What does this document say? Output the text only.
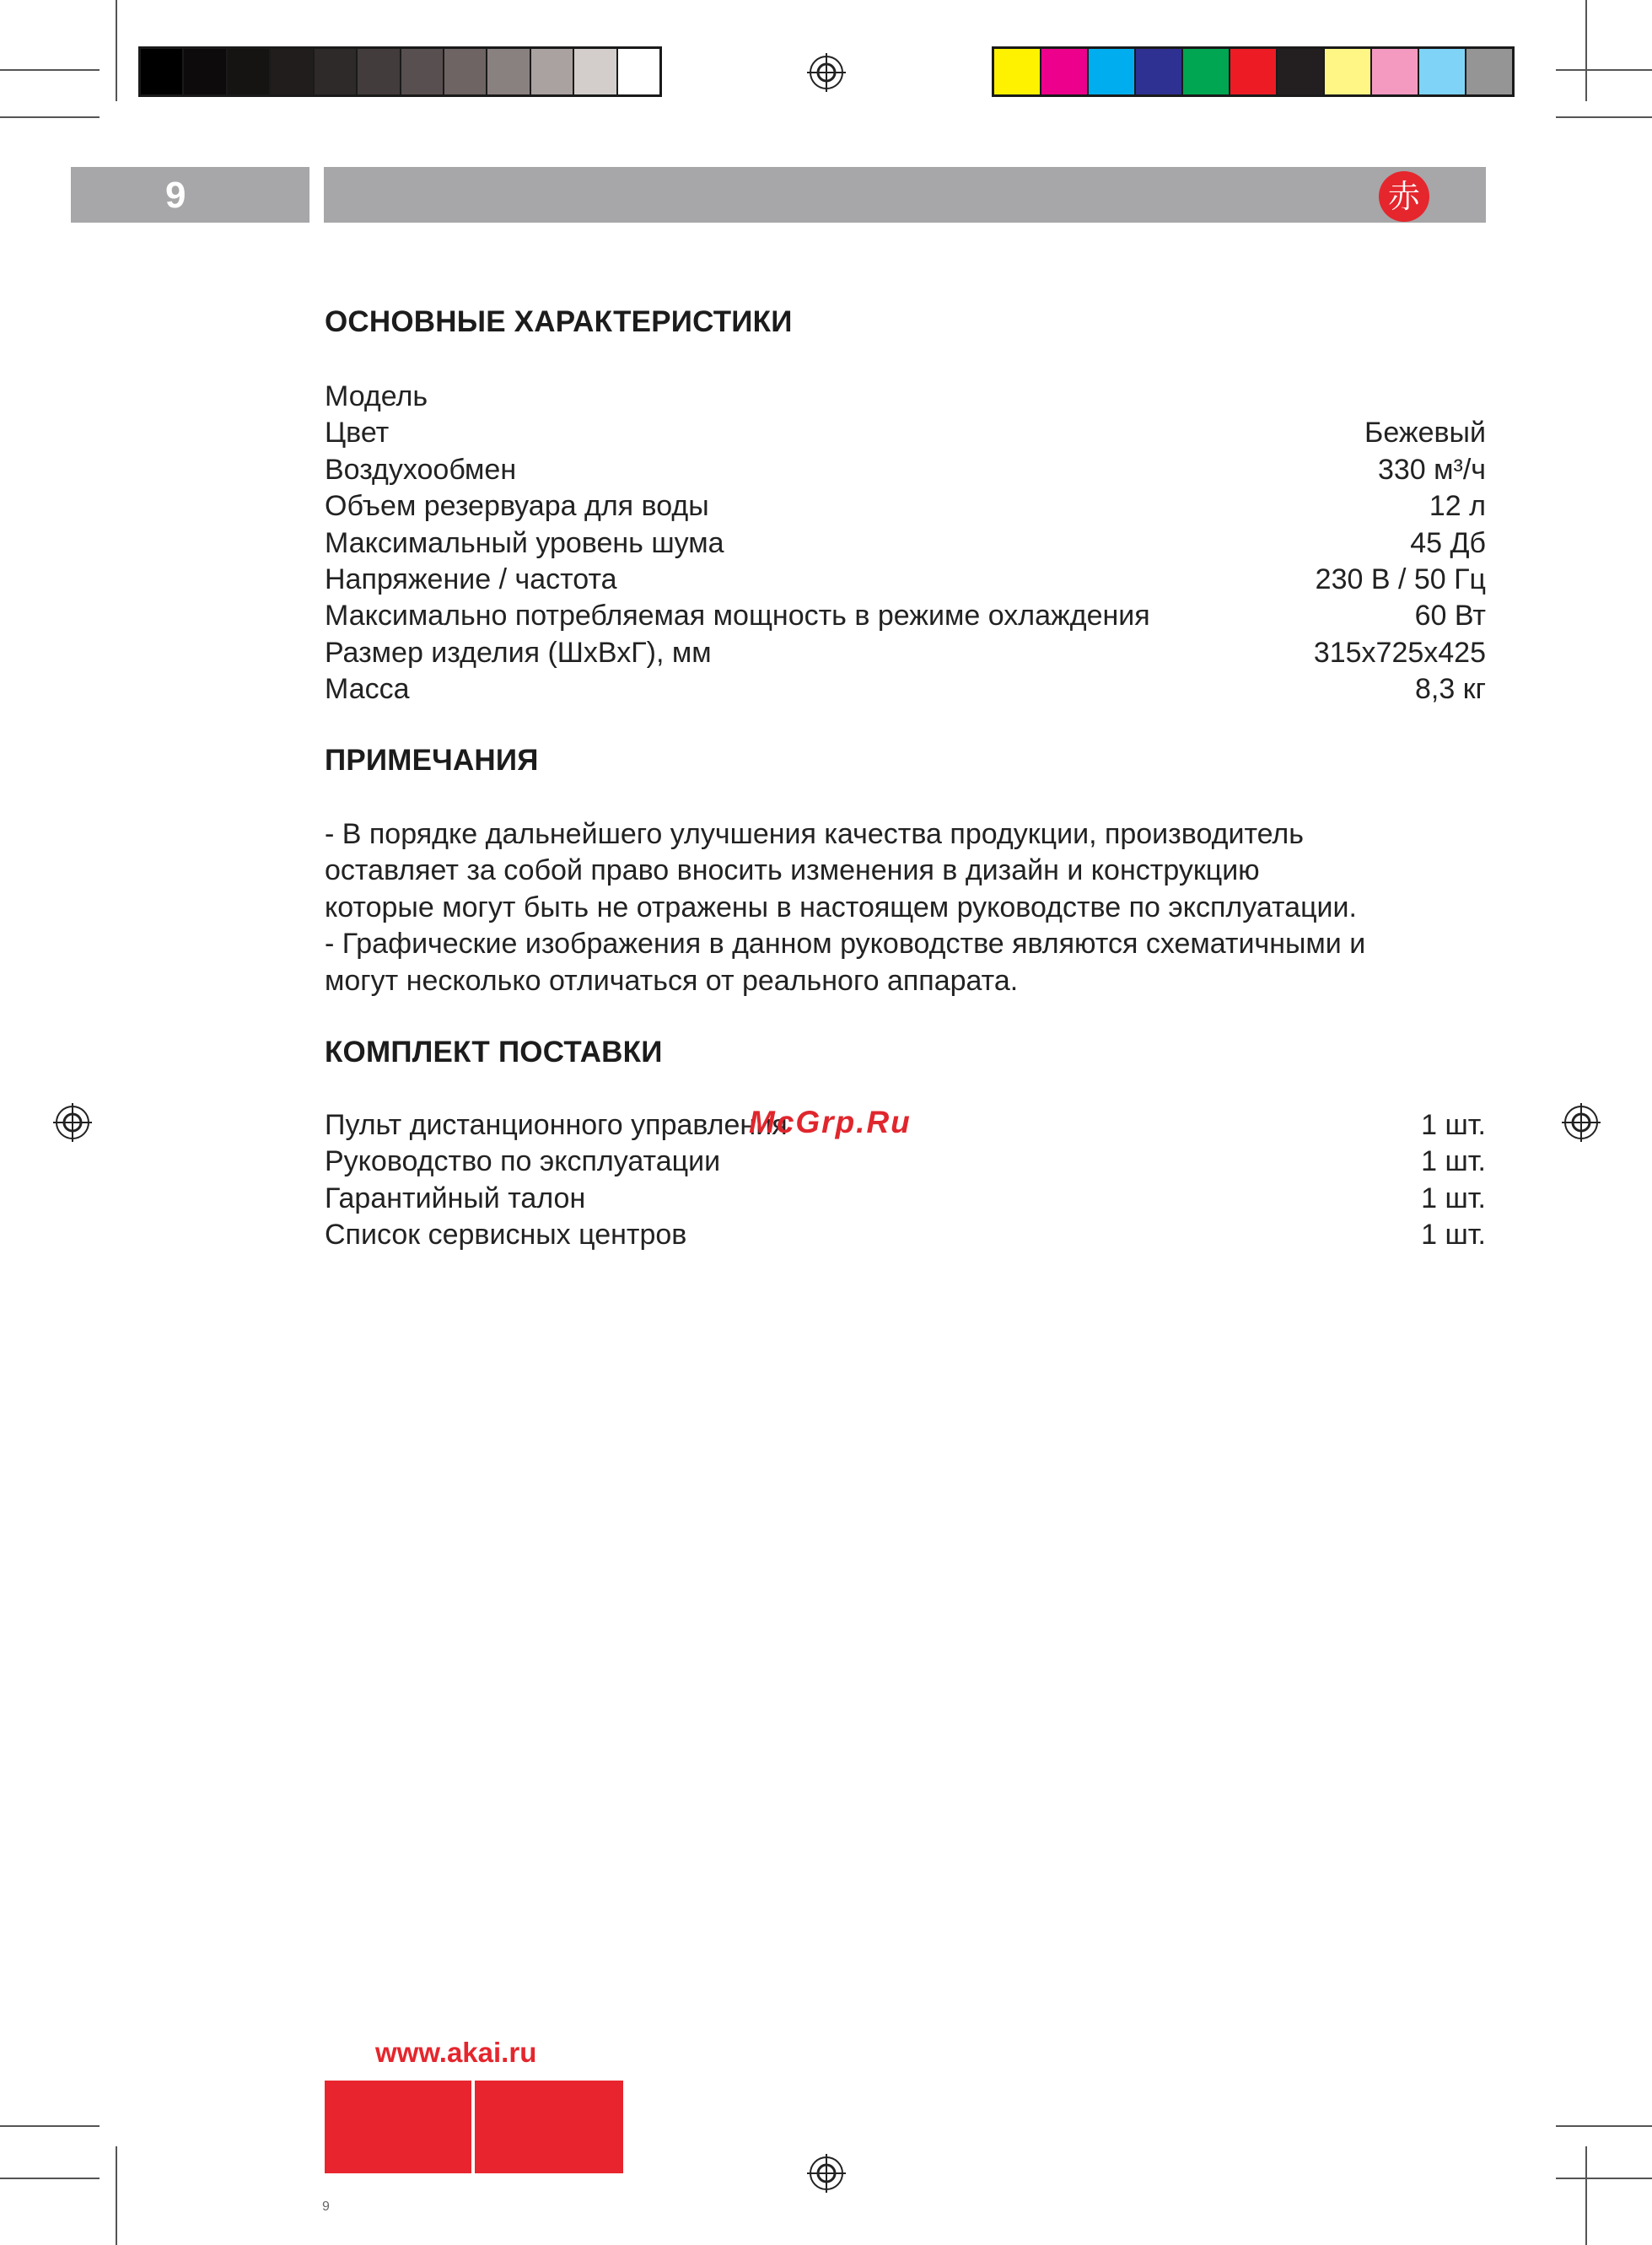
9	赤
ОСНОВНЫЕ ХАРАКТЕРИСТИКИ
Модель
Цвет	Бежевый
Воздухообмен	330 м³/ч
Объем резервуара для воды	12 л
Максимальный уровень шума	45 Дб
Напряжение / частота	230 В / 50 Гц
Максимально потребляемая мощность в режиме охлаждения	60 Вт
Размер изделия (ШхВхГ), мм	315x725x425
Масса	8,3 кг
ПРИМЕЧАНИЯ
- В порядке дальнейшего улучшения качества продукции, производитель
оставляет за собой право вносить изменения в дизайн и конструкцию
которые могут быть не отражены в настоящем руководстве по эксплуатации.
- Графические изображения в данном руководстве являются схематичными и
могут несколько отличаться от реального аппарата.
КОМПЛЕКТ ПОСТАВКИ
Пульт дистанционного управления	1 шт.
Руководство по эксплуатации	1 шт.
Гарантийный талон	1 шт.
Список сервисных центров	1 шт.
McGrp.Ru
www.akai.ru
9
